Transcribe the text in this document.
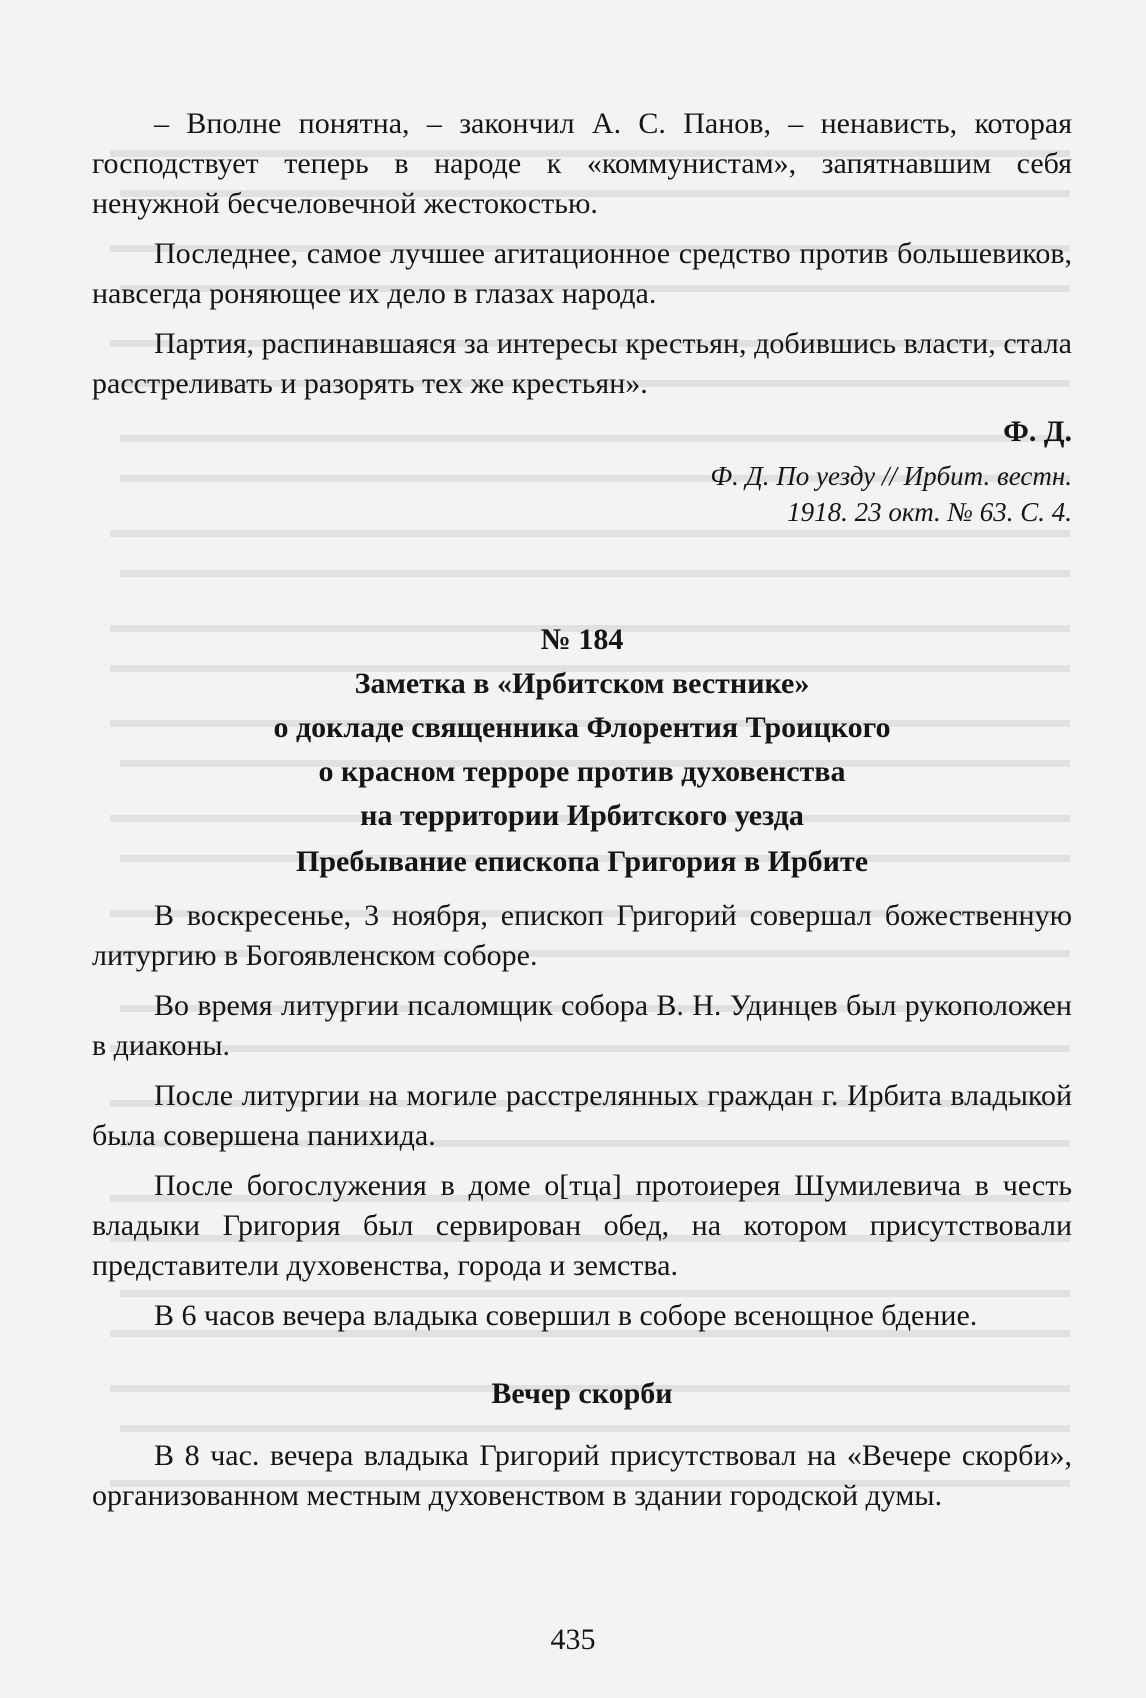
– Вполне понятна, – закончил А. С. Панов, – ненависть, которая господствует теперь в народе к «коммунистам», запятнавшим себя ненужной бесчеловечной жестокостью.

Последнее, самое лучшее агитационное средство против большевиков, навсегда роняющее их дело в глазах народа.

Партия, распинавшаяся за интересы крестьян, добившись власти, стала расстреливать и разорять тех же крестьян».

Ф. Д.
Ф. Д. По уезду // Ирбит. вестн.
1918. 23 окт. № 63. С. 4.
№ 184
Заметка в «Ирбитском вестнике»
о докладе священника Флорентия Троицкого
о красном терроре против духовенства
на территории Ирбитского уезда
Пребывание епископа Григория в Ирбите

В воскресенье, 3 ноября, епископ Григорий совершал божественную литургию в Богоявленском соборе.

Во время литургии псаломщик собора В. Н. Удинцев был рукоположен в диаконы.

После литургии на могиле расстрелянных граждан г. Ирбита владыкой была совершена панихида.

После богослужения в доме о[тца] протоиерея Шумилевича в честь владыки Григория был сервирован обед, на котором присутствовали представители духовенства, города и земства.

В 6 часов вечера владыка совершил в соборе всенощное бдение.

Вечер скорби

В 8 час. вечера владыка Григорий присутствовал на «Вечере скорби», организованном местным духовенством в здании городской думы.

435
